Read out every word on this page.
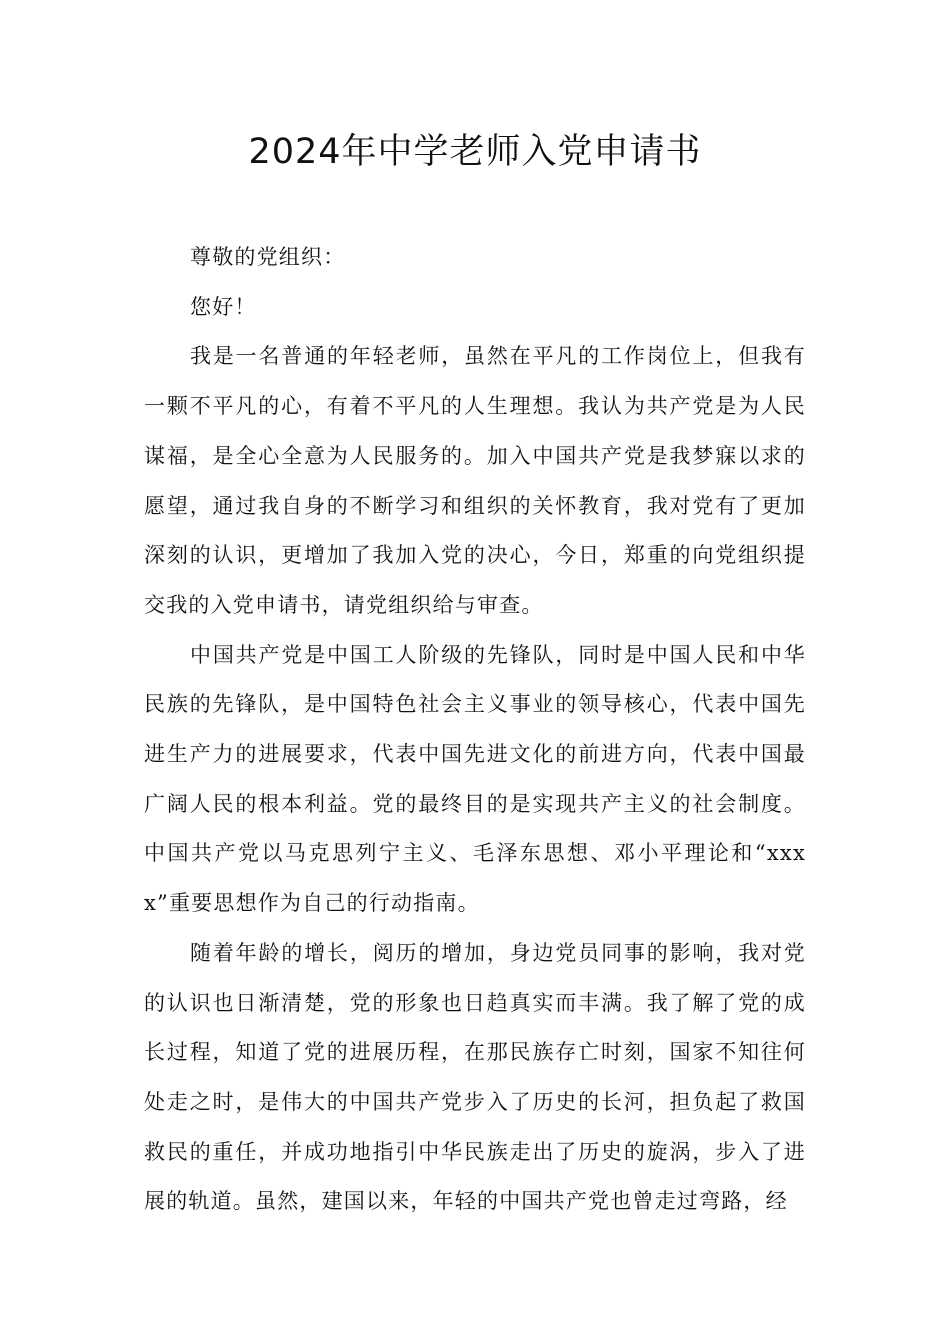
2024年中学老师入党申请书

尊敬的党组织：

您好！

我是一名普通的年轻老师，虽然在平凡的工作岗位上，但我有一颗不平凡的心，有着不平凡的人生理想。我认为共产党是为人民谋福，是全心全意为人民服务的。加入中国共产党是我梦寐以求的愿望，通过我自身的不断学习和组织的关怀教育，我对党有了更加深刻的认识，更增加了我加入党的决心，今日，郑重的向党组织提交我的入党申请书，请党组织给与审查。

中国共产党是中国工人阶级的先锋队，同时是中国人民和中华民族的先锋队，是中国特色社会主义事业的领导核心，代表中国先进生产力的进展要求，代表中国先进文化的前进方向，代表中国最广阔人民的根本利益。党的最终目的是实现共产主义的社会制度。中国共产党以马克思列宁主义、毛泽东思想、邓小平理论和“xxxx”重要思想作为自己的行动指南。

随着年龄的增长，阅历的增加，身边党员同事的影响，我对党的认识也日渐清楚，党的形象也日趋真实而丰满。我了解了党的成长过程，知道了党的进展历程，在那民族存亡时刻，国家不知往何处走之时，是伟大的中国共产党步入了历史的长河，担负起了救国救民的重任，并成功地指引中华民族走出了历史的旋涡，步入了进展的轨道。虽然，建国以来，年轻的中国共产党也曾走过弯路，经
